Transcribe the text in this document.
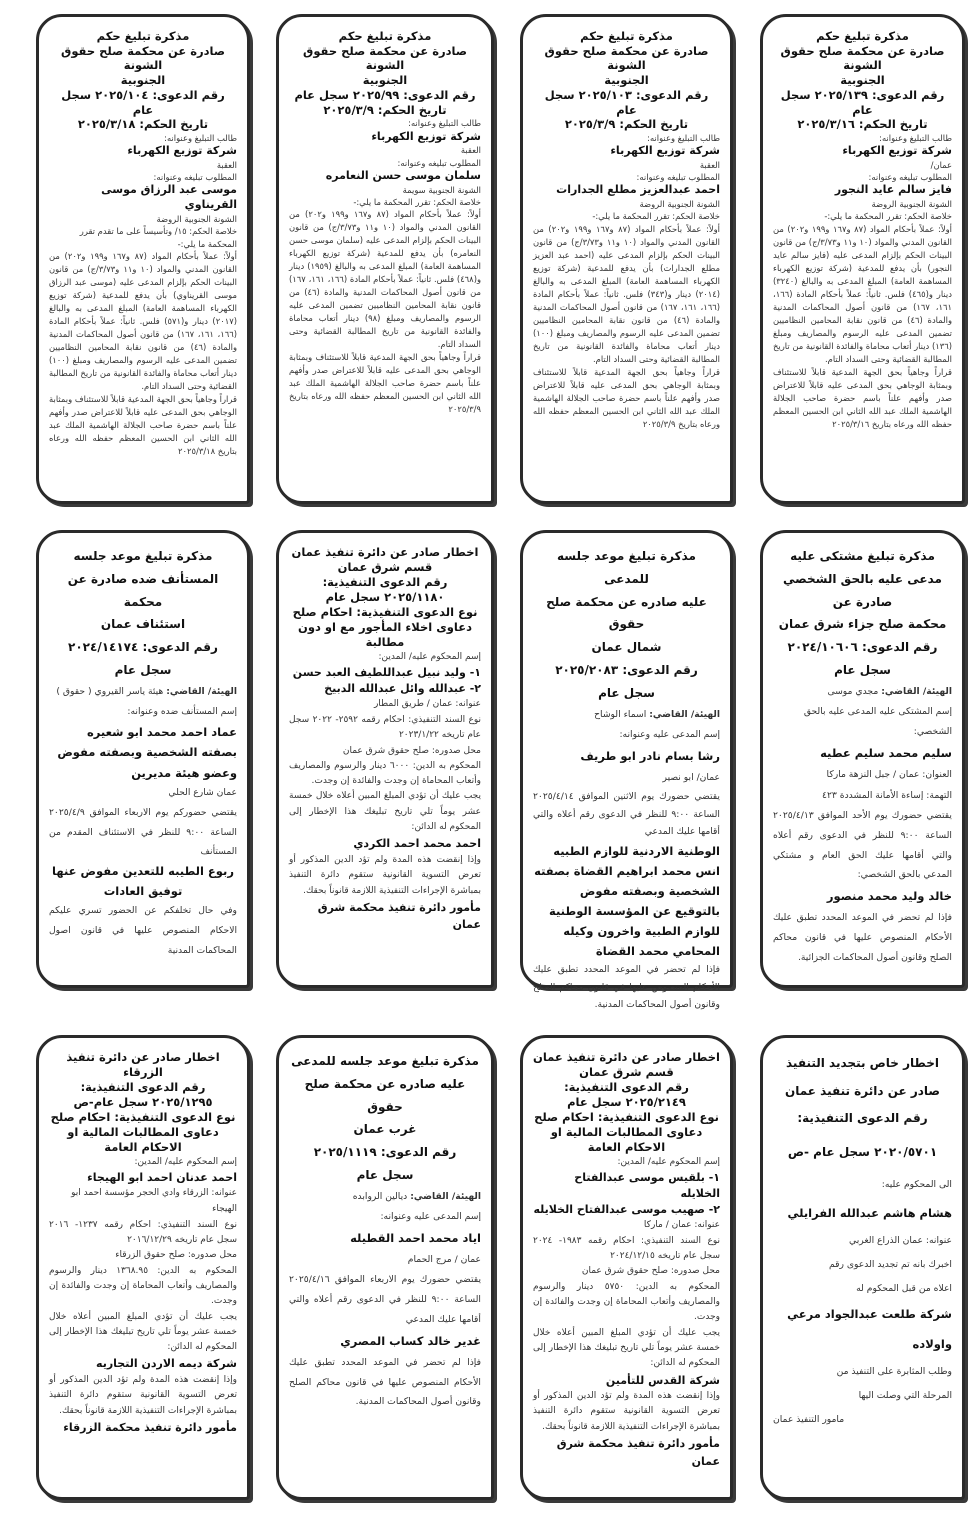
مذكرة تبليغ حكم

صادرة عن محكمة صلح حقوق الشونة

الجنوبية

رقم الدعوى: ٢٠٢٥/١٣٩ سجل عام

تاريخ الحكم: ٢٠٢٥/٣/١٦

طالب التبليغ وعنوانه:

شركة توزيع الكهرباء

عمان/

المطلوب تبليغه وعنوانه:

فايز سالم عايد النجور

الشونة الجنوبية الروضة

خلاصة الحكم: تقرر المحكمة ما يلي:-

أولاً: عملاً بأحكام المواد (٨٧ و١٦٧ و١٩٩ و٢٠٢) من القانون المدني والمواد (١٠ و١١ و٣/٧٣/ج) من قانون البينات الحكم بإلزام المدعى عليه (فايز سالم عايد النجور) بأن يدفع للمدعية (شركة توزيع الكهرباء المساهمة العامة) المبلغ المدعى به والبالغ (٣٢٤٠) دينار و(٤٦٥) فلس. ثانياً: عملاً بأحكام المادة (١٦٦، ١٦١، ١٦٧) من قانون أصول المحاكمات المدنية والمادة (٤٦) من قانون نقابة المحامين النظاميين تضمين المدعى عليه الرسوم والمصاريف ومبلغ (١٣٦) دينار أتعاب محاماة والفائدة القانونية من تاريخ المطالبة القضائية وحتى السداد التام.

قراراً وجاهياً بحق الجهة المدعية قابلاً للاستئناف وبمثابة الوجاهي بحق المدعى عليه قابلاً للاعتراض صدر وأفهم علناً باسم حضرة صاحب الجلالة الهاشمية الملك عبد الله الثاني ابن الحسين المعظم حفظه الله ورعاه بتاريخ ٢٠٢٥/٣/١٦

مذكرة تبليغ حكم

صادرة عن محكمة صلح حقوق الشونة

الجنوبية

رقم الدعوى: ٢٠٢٥/١٠٣ سجل عام

تاريخ الحكم: ٢٠٢٥/٣/٩

طالب التبليغ وعنوانه:

شركة توزيع الكهرباء

العقبة

المطلوب تبليغه وعنوانه:

احمد عبدالعزيز مطلع الجدارات

الشونة الجنوبية الروضة

خلاصة الحكم: تقرر المحكمة ما يلي:-

أولاً: عملاً بأحكام المواد (٨٧ و١٦٧ و١٩٩ و٢٠٢) من القانون المدني والمواد (١٠ و١١ و٣/٧٣/ج) من قانون البينات الحكم بإلزام المدعى عليه (احمد عبد العزيز مطلع الجدارات) بأن يدفع للمدعية (شركة توزيع الكهرباء المساهمة العامة) المبلغ المدعى به والبالغ (٢٠١٤) دينار و(٣٤٣) فلس. ثانياً: عملاً بأحكام المادة (١٦٦، ١٦١، ١٦٧) من قانون أصول المحاكمات المدنية والمادة (٤٦) من قانون نقابة المحامين النظاميين تضمين المدعى عليه الرسوم والمصاريف ومبلغ (١٠٠) دينار أتعاب محاماة والفائدة القانونية من تاريخ المطالبة القضائية وحتى السداد التام.

قراراً وجاهياً بحق الجهة المدعية قابلاً للاستئناف وبمثابة الوجاهي بحق المدعى عليه قابلاً للاعتراض صدر وأفهم علناً باسم حضرة صاحب الجلالة الهاشمية الملك عبد الله الثاني ابن الحسين المعظم حفظه الله ورعاه بتاريخ ٢٠٢٥/٣/٩

مذكرة تبليغ حكم

صادرة عن محكمة صلح حقوق الشونة

الجنوبية

رقم الدعوى: ٢٠٢٥/٩٩ سجل عام

تاريخ الحكم: ٢٠٢٥/٣/٩

طالب التبليغ وعنوانه:

شركة توزيع الكهرباء

العقبة

المطلوب تبليغه وعنوانه:

سلمان موسى حسن النعامره

الشونة الجنوبية سويمة

خلاصة الحكم: تقرر المحكمة ما يلي:-

أولاً: عملاً بأحكام المواد (٨٧ و١٦٧ و١٩٩ و٢٠٢) من القانون المدني والمواد (١٠ و١١ و٣/٧٣/ج) من قانون البينات الحكم بإلزام المدعى عليه (سلمان موسى حسن النعامره) بأن يدفع للمدعية (شركة توزيع الكهرباء المساهمة العامة) المبلغ المدعى به والبالغ (١٩٥٩) دينار و(٤٦٨) فلس. ثانياً: عملاً بأحكام المادة (١٦٦، ١٦١، ١٦٧) من قانون أصول المحاكمات المدنية والمادة (٤٦) من قانون نقابة المحامين النظاميين تضمين المدعى عليه الرسوم والمصاريف ومبلغ (٩٨) دينار أتعاب محاماة والفائدة القانونية من تاريخ المطالبة القضائية وحتى السداد التام.

قراراً وجاهياً بحق الجهة المدعية قابلاً للاستئناف وبمثابة الوجاهي بحق المدعى عليه قابلاً للاعتراض صدر وأفهم علناً باسم حضرة صاحب الجلالة الهاشمية الملك عبد الله الثاني ابن الحسين المعظم حفظه الله ورعاه بتاريخ ٢٠٢٥/٣/٩

مذكرة تبليغ حكم

صادرة عن محكمة صلح حقوق الشونة

الجنوبية

رقم الدعوى: ٢٠٢٥/١٠٤ سجل عام

تاريخ الحكم: ٢٠٢٥/٣/١٨

طالب التبليغ وعنوانه:

شركة توزيع الكهرباء

العقبة

المطلوب تبليغه وعنوانه:

موسى عبد الرزاق موسى القريناوي

الشونة الجنوبية الروضة

خلاصة الحكم: ١٥/ وتأسيساً على ما تقدم تقرر المحكمة ما يلي:-

أولاً: عملاً بأحكام المواد (٨٧ و١٦٧ و١٩٩ و٢٠٢) من القانون المدني والمواد (١٠ و١١ و٣/٧٣/ج) من قانون البينات الحكم بإلزام المدعى عليه (موسى عبد الرزاق موسى القريناوي) بأن يدفع للمدعية (شركة توزيع الكهرباء المساهمة العامة) المبلغ المدعى به والبالغ (٢٠١٧) دينار و(٥٧١) فلس. ثانياً: عملاً بأحكام المادة (١٦٦، ١٦١، ١٦٧) من قانون أصول المحاكمات المدنية والمادة (٤٦) من قانون نقابة المحامين النظاميين تضمين المدعى عليه الرسوم والمصاريف ومبلغ (١٠٠) دينار أتعاب محاماة والفائدة القانونية من تاريخ المطالبة القضائية وحتى السداد التام.

قراراً وجاهياً بحق الجهة المدعية قابلاً للاستئناف وبمثابة الوجاهي بحق المدعى عليه قابلاً للاعتراض صدر وأفهم علناً باسم حضرة صاحب الجلالة الهاشمية الملك عبد الله الثاني ابن الحسين المعظم حفظه الله ورعاه بتاريخ ٢٠٢٥/٣/١٨

مذكرة تبليغ مشتكى عليه

مدعى عليه بالحق الشخصي صادرة عن

محكمة صلح جزاء شرق عمان

رقم الدعوى: ٢٠٢٤/١٠٦٠٦

سجل عام

الهيئة/ القاضي: مجدي موسى

إسم المشتكى عليه المدعى عليه بالحق الشخصي:

سليم محمد سليم عطيه

العنوان: عمان / جبل النزهة ماركا

التهمة: إساءة الأمانة المشددة ٤٢٣

يقتضي حضورك يوم الأحد الموافق ٢٠٢٥/٤/١٣ الساعة ٩:٠٠ للنظر في الدعوى رقم أعلاه والتي أقامها عليك الحق العام و مشتكي المدعي بالحق الشخصي:

خالد وليد محمد منصور

فإذا لم تحضر في الموعد المحدد تطبق عليك الأحكام المنصوص عليها في قانون محاكم الصلح وقانون أصول المحاكمات الجزائية.

مذكرة تبليغ موعد جلسه للمدعى

عليه صادره عن محكمة صلح حقوق

شمال عمان

رقم الدعوى: ٢٠٢٥/٢٠٨٣

سجل عام

الهيئة/ القاضي: اسماء الوشاح

إسم المدعى عليه وعنوانه:

رشا بسام نادر ابو طريف

عمان/ ابو نصير

يقتضي حضورك يوم الاثنين الموافق ٢٠٢٥/٤/١٤ الساعة ٩:٠٠ للنظر في الدعوى رقم أعلاه والتي أقامها عليك المدعي

الوطنية الاردنية للوازم الطبيه انس محمد ابراهيم القضاة بصفته الشخصية وبصفته مفوض بالتوقيع عن المؤسسة الوطنية للوازم الطبية واخرون وكيله المحامي محمد القضاة

فإذا لم تحضر في الموعد المحدد تطبق عليك الأحكام المنصوص عليها في قانون محاكم الصلح وقانون أصول المحاكمات المدنية.

اخطار صادر عن دائرة تنفيذ عمان

قسم شرق عمان

رقم الدعوى التنفيذية:

٢٠٢٥/١١٨٠ سجل عام

نوع الدعوى التنفيذية: احكام صلح

دعاوى اخلاء المأجور مع او دون مطالبة

إسم المحكوم عليه/ المدين:

١- وليد نبيل عبداللطيف العبد حسن

٢- عبدالله وائل عبدالله الدبيخ

عنوانه: عمان / طريق المطار

نوع السند التنفيذي: احكام رقمه ٢٥٩٢- ٢٠٢٢ سجل عام تاريخه ٢٠٢٣/١/٢٢

محل صدوره: صلح حقوق شرق عمان

المحكوم به الدين: ٦٠٠٠ دينار والرسوم والمصاريف وأتعاب المحاماة إن وجدت والفائدة إن وجدت.

يجب عليك أن تؤدي المبلغ المبين أعلاه خلال خمسة عشر يوماً تلي تاريخ تبليغك هذا الإخطار إلى المحكوم له الدائن:

احمد محمد احمد الكردي

وإذا إنقضت هذه المدة ولم تؤد الدين المذكور أو تعرض التسوية القانونية ستقوم دائرة التنفيذ بمباشرة الإجراءات التنفيذية اللازمة قانوناً بحقك.

مأمور دائرة تنفيذ محكمة شرق عمان

مذكرة تبليغ موعد جلسه

المستأنف ضده صادرة عن محكمة

استئناف عمان

رقم الدعوى: ٢٠٢٤/١٤١٧٤

سجل عام

الهيئة/ القاضي: هيئة ياسر القيروي ( حقوق )

إسم المستأنف ضده وعنوانه:

عماد احمد محمد ابو شعيره بصفته الشخصية وبصفته مفوض وعضو هيئة مديرين

عمان شارع الحلي

يقتضي حضوركم يوم الاربعاء الموافق ٢٠٢٥/٤/٩ الساعة ٩:٠٠ للنظر في الاستئناف المقدم من المستأنف

ربوع الطيبه للتعدين مفوض عنها توفيق العادات

وفي حال تخلفكم عن الحضور تسري عليكم الاحكام المنصوص عليها في قانون اصول المحاكمات المدنية

اخطار خاص بتجديد التنفيذ

صادر عن دائرة تنفيذ عمان

رقم الدعوى التنفيذية:

٢٠٢٠/٥٧٠١ سجل عام -ص

الى المحكوم عليه:

هشام هاشم عبدالله الفرايلي

عنوانه: عمان الذراع الغربي

اخبرك بانه تم تجديد الدعوى رقم

اعلاه من قبل المحكوم له

شركة طلعت عبدالجواد مرعي واولاده

وطلب المثابرة على التنفيذ من

المرحلة التي وصلت اليها

مامور التنفيذ عمان

اخطار صادر عن دائرة تنفيذ عمان

قسم شرق عمان

رقم الدعوى التنفيذية:

٢٠٢٥/٢١٤٩ سجل عام

نوع الدعوى التنفيذية: احكام صلح

دعاوى المطالبات المالية او الاحكام العامة

إسم المحكوم عليه/ المدين:

١- بلقيس موسى عبدالفتاح الخلايله

٢- صهيب موسى عبدالفتاح الخلايله

عنوانه: عمان / ماركا

نوع السند التنفيذي: احكام رقمه ١٩٨٣- ٢٠٢٤ سجل عام تاريخه ٢٠٢٤/١٢/١٥

محل صدوره: صلح حقوق شرق عمان

المحكوم به الدين: ٥٧٥٠ دينار والرسوم والمصاريف وأتعاب المحاماة إن وجدت والفائدة إن وجدت.

يجب عليك أن تؤدي المبلغ المبين أعلاه خلال خمسة عشر يوماً تلي تاريخ تبليغك هذا الإخطار إلى المحكوم له الدائن:

شركة القدس للتأمين

وإذا إنقضت هذه المدة ولم تؤد الدين المذكور أو تعرض التسوية القانونية ستقوم دائرة التنفيذ بمباشرة الإجراءات التنفيذية اللازمة قانوناً بحقك.

مأمور دائرة تنفيذ محكمة شرق عمان

مذكرة تبليغ موعد جلسه للمدعى

عليه صادره عن محكمة صلح حقوق

غرب عمان

رقم الدعوى: ٢٠٢٥/١١١٩

سجل عام

الهيئة/ القاضي: ديالين الروابده

إسم المدعى عليه وعنوانه:

اياد محمد احمد القطيله

عمان / مرج الحمام

يقتضي حضورك يوم الاربعاء الموافق ٢٠٢٥/٤/١٦ الساعة ٩:٠٠ للنظر في الدعوى رقم أعلاه والتي أقامها عليك المدعي

غدير خالد كساب المصري

فإذا لم تحضر في الموعد المحدد تطبق عليك الأحكام المنصوص عليها في قانون محاكم الصلح وقانون أصول المحاكمات المدنية.

اخطار صادر عن دائرة تنفيذ

الزرقاء

رقم الدعوى التنفيذية:

٢٠٢٥/١٢٩٥ سجل عام-ص

نوع الدعوى التنفيذية: احكام صلح

دعاوى المطالبات المالية او الاحكام العامة

إسم المحكوم عليه/ المدين:

احمد عدنان احمد ابو الهيجاء

عنوانه: الزرقاء وادي الحجر مؤسسة احمد ابو الهيجاء

نوع السند التنفيذي: احكام رقمه ١٢٣٧- ٢٠١٦ سجل عام تاريخه ٢٠١٦/١٢/٢٩

محل صدوره: صلح حقوق الزرقاء

المحكوم به الدين: ١٣٦٨.٩٥ دينار والرسوم والمصاريف وأتعاب المحاماة إن وجدت والفائدة إن وجدت.

يجب عليك أن تؤدي المبلغ المبين أعلاه خلال خمسة عشر يوماً تلي تاريخ تبليغك هذا الإخطار إلى المحكوم له الدائن:

شركة ديمه الاردن التجاريه

وإذا إنقضت هذه المدة ولم تؤد الدين المذكور أو تعرض التسوية القانونية ستقوم دائرة التنفيذ بمباشرة الإجراءات التنفيذية اللازمة قانوناً بحقك.

مأمور دائرة تنفيذ محكمة الزرقاء
